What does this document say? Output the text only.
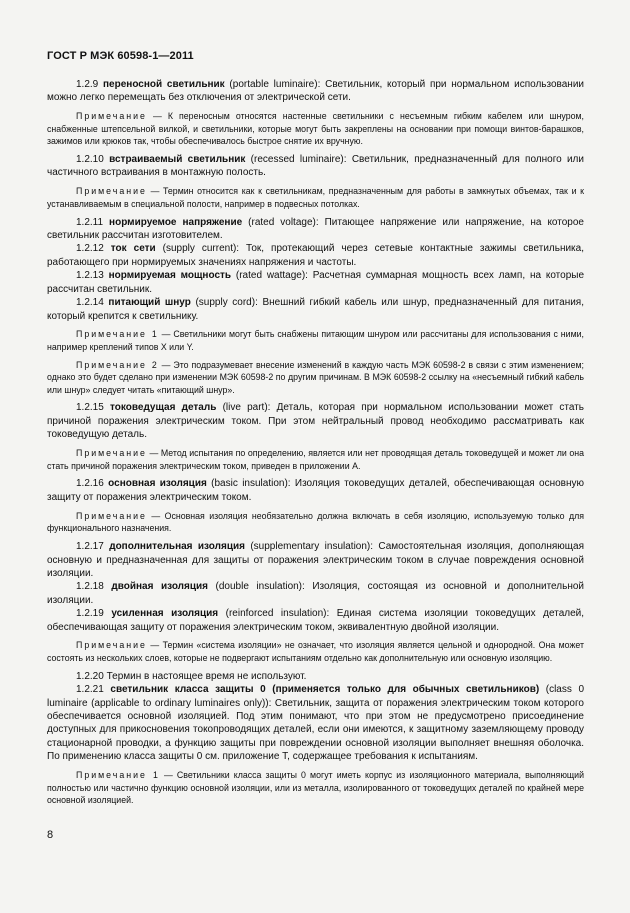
ГОСТ Р МЭК 60598-1—2011

1.2.9 переносной светильник (portable luminaire): Светильник, который при нормальном использовании можно легко перемещать без отключения от электрической сети.

Примечание — К переносным относятся настенные светильники с несъемным гибким кабелем или шнуром, снабженные штепсельной вилкой, и светильники, которые могут быть закреплены на основании при помощи винтов-барашков, зажимов или крюков так, чтобы обеспечивалось быстрое снятие их вручную.

1.2.10 встраиваемый светильник (recessed luminaire): Светильник, предназначенный для полного или частичного встраивания в монтажную полость.

Примечание — Термин относится как к светильникам, предназначенным для работы в замкнутых объемах, так и к устанавливаемым в специальной полости, например в подвесных потолках.

1.2.11 нормируемое напряжение (rated voltage): Питающее напряжение или напряжение, на которое светильник рассчитан изготовителем.

1.2.12 ток сети (supply current): Ток, протекающий через сетевые контактные зажимы светильника, работающего при нормируемых значениях напряжения и частоты.

1.2.13 нормируемая мощность (rated wattage): Расчетная суммарная мощность всех ламп, на которые рассчитан светильник.

1.2.14 питающий шнур (supply cord): Внешний гибкий кабель или шнур, предназначенный для питания, который крепится к светильнику.

Примечание 1 — Светильники могут быть снабжены питающим шнуром или рассчитаны для использования с ними, например креплений типов X или Y.

Примечание 2 — Это подразумевает внесение изменений в каждую часть МЭК 60598-2 в связи с этим изменением; однако это будет сделано при изменении МЭК 60598-2 по другим причинам. В МЭК 60598-2 ссылку на «несъемный гибкий кабель или шнур» следует читать «питающий шнур».

1.2.15 токоведущая деталь (live part): Деталь, которая при нормальном использовании может стать причиной поражения электрическим током. При этом нейтральный провод необходимо рассматривать как токоведущую деталь.

Примечание — Метод испытания по определению, является или нет проводящая деталь токоведущей и может ли она стать причиной поражения электрическим током, приведен в приложении А.

1.2.16 основная изоляция (basic insulation): Изоляция токоведущих деталей, обеспечивающая основную защиту от поражения электрическим током.

Примечание — Основная изоляция необязательно должна включать в себя изоляцию, используемую только для функционального назначения.

1.2.17 дополнительная изоляция (supplementary insulation): Самостоятельная изоляция, дополняющая основную и предназначенная для защиты от поражения электрическим током в случае повреждения основной изоляции.

1.2.18 двойная изоляция (double insulation): Изоляция, состоящая из основной и дополнительной изоляции.

1.2.19 усиленная изоляция (reinforced insulation): Единая система изоляции токоведущих деталей, обеспечивающая защиту от поражения электрическим током, эквивалентную двойной изоляции.

Примечание — Термин «система изоляции» не означает, что изоляция является цельной и однородной. Она может состоять из нескольких слоев, которые не подвергают испытаниям отдельно как дополнительную или основную изоляцию.

1.2.20 Термин в настоящее время не используют.

1.2.21 светильник класса защиты 0 (применяется только для обычных светильников) (class 0 luminaire (applicable to ordinary luminaires only)): Светильник, защита от поражения электрическим током которого обеспечивается основной изоляцией. Под этим понимают, что при этом не предусмотрено присоединение доступных для прикосновения токопроводящих деталей, если они имеются, к защитному заземляющему проводу стационарной проводки, а функцию защиты при повреждении основной изоляции выполняет внешняя оболочка. По применению класса защиты 0 см. приложение Т, содержащее требования к испытаниям.

Примечание 1 — Светильники класса защиты 0 могут иметь корпус из изоляционного материала, выполняющий полностью или частично функцию основной изоляции, или из металла, изолированного от токоведущих деталей по крайней мере основной изоляцией.

8
